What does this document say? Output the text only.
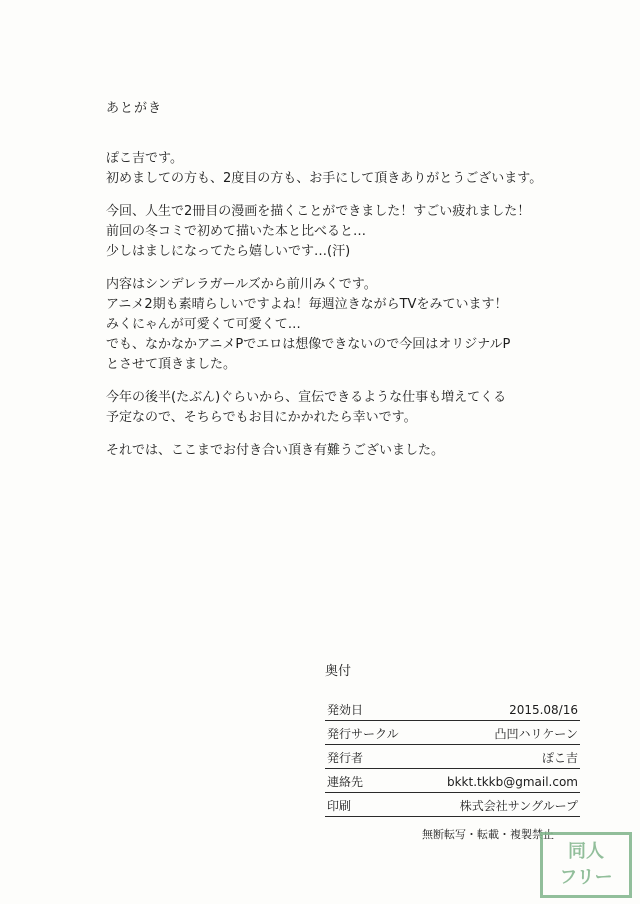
あとがき

ぽこ吉です。

初めましての方も、2度目の方も、お手にして頂きありがとうございます。

今回、人生で2冊目の漫画を描くことができました！すごい疲れました！

前回の冬コミで初めて描いた本と比べると…

少しはましになってたら嬉しいです…(汗)

内容はシンデレラガールズから前川みくです。

アニメ2期も素晴らしいですよね！毎週泣きながらTVをみています！

みくにゃんが可愛くて可愛くて…

でも、なかなかアニメPでエロは想像できないので今回はオリジナルP

とさせて頂きました。

今年の後半(たぶん)ぐらいから、宣伝できるような仕事も増えてくる

予定なので、そちらでもお目にかかれたら幸いです。

それでは、ここまでお付き合い頂き有難うございました。

奥付
発効日	2015.08/16
発行サークル	凸凹ハリケーン
発行者	ぽこ吉
連絡先	bkkt.tkkb@gmail.com
印刷	株式会社サングループ
無断転写・転載・複製禁止
同人
フリー
